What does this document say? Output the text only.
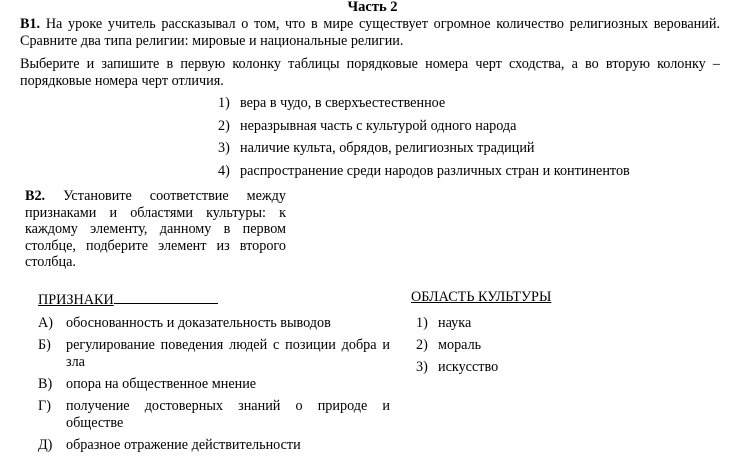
Часть 2
В1. На уроке учитель рассказывал о том, что в мире существует огромное количество религиозных верований. Сравните два типа религии: мировые и национальные религии.
Выберите и запишите в первую колонку таблицы порядковые номера черт сходства, а во вторую колонку – порядковые номера черт отличия.
1) вера в чудо, в сверхъестественное
2) неразрывная часть с культурой одного народа
3) наличие культа, обрядов, религиозных традиций
4) распространение среди народов различных стран и континентов
В2. Установите соответствие между признаками и областями культуры: к каждому элементу, данному в первом столбце, подберите элемент из второго столбца.
ПРИЗНАКИ	ОБЛАСТЬ КУЛЬТУРЫ
А) обоснованность и доказательность выводов
Б)	регулирование поведения людей с позиции добра и зла
В) опора на общественное мнение
Г)	получение достоверных знаний о природе и обществе
Д) образное отражение действительности
1) наука
2) мораль
3) искусство
